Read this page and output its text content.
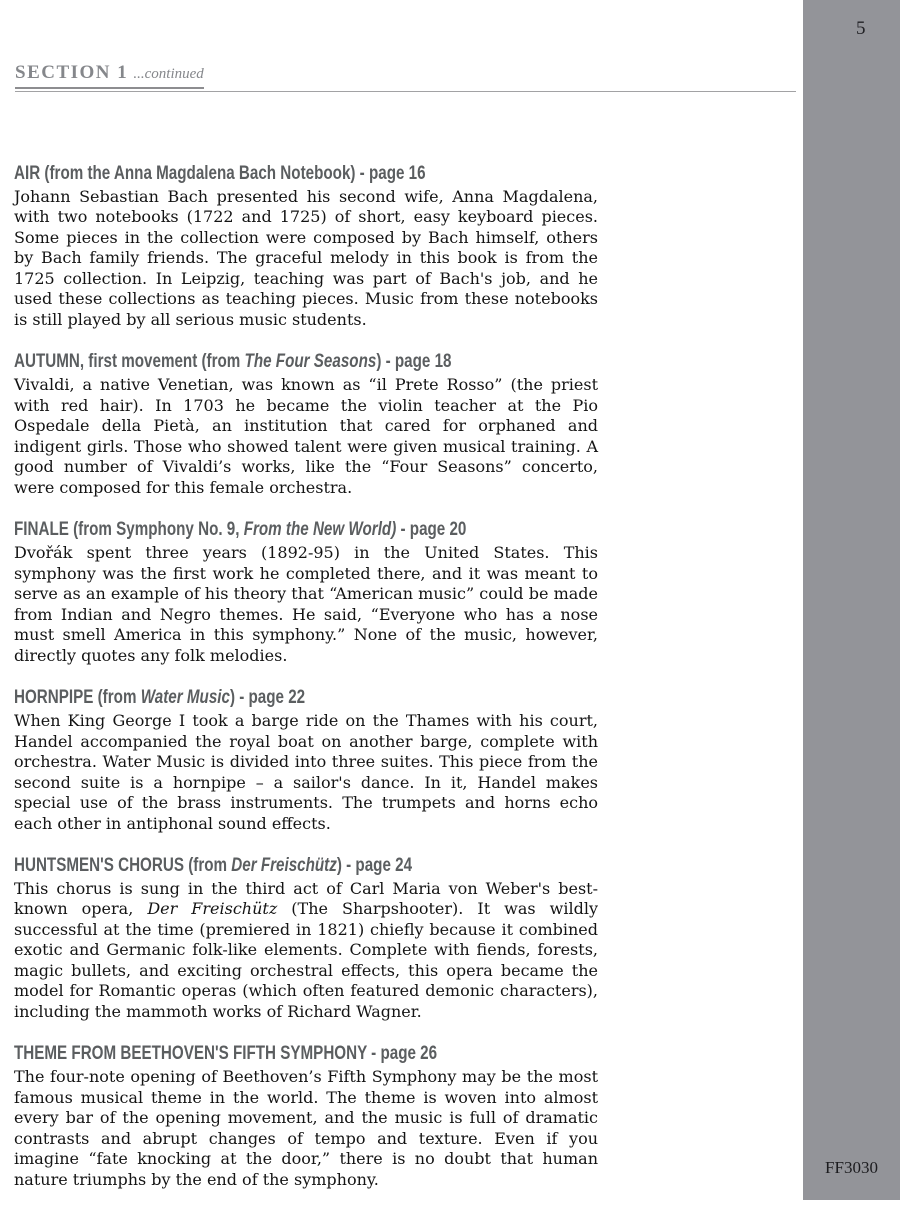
5
FF3030
SECTION 1 ...continued
AIR (from the Anna Magdalena Bach Notebook) - page 16

Johann Sebastian Bach presented his second wife, Anna Magdalena, with two notebooks (1722 and 1725) of short, easy keyboard pieces. Some pieces in the collection were composed by Bach himself, others by Bach family friends. The graceful melody in this book is from the 1725 collection. In Leipzig, teaching was part of Bach's job, and he used these collections as teaching pieces. Music from these notebooks is still played by all serious music students.

AUTUMN, first movement (from The Four Seasons) - page 18

Vivaldi, a native Venetian, was known as “il Prete Rosso” (the priest with red hair). In 1703 he became the violin teacher at the Pio Ospedale della Pietà, an institution that cared for orphaned and indigent girls. Those who showed talent were given musical training. A good number of Vivaldi’s works, like the “Four Seasons” concerto, were composed for this female orchestra.

FINALE (from Symphony No. 9, From the New World) - page 20

Dvořák spent three years (1892-95) in the United States. This symphony was the first work he completed there, and it was meant to serve as an example of his theory that “American music” could be made from Indian and Negro themes. He said, “Everyone who has a nose must smell America in this symphony.” None of the music, however, directly quotes any folk melodies.

HORNPIPE (from Water Music) - page 22

When King George I took a barge ride on the Thames with his court, Handel accompanied the royal boat on another barge, complete with orchestra. Water Music is divided into three suites. This piece from the second suite is a hornpipe – a sailor's dance. In it, Handel makes special use of the brass instruments. The trumpets and horns echo each other in antiphonal sound effects.

HUNTSMEN'S CHORUS (from Der Freischütz) - page 24

This chorus is sung in the third act of Carl Maria von Weber's best-known opera, Der Freischütz (The Sharpshooter). It was wildly successful at the time (premiered in 1821) chiefly because it combined exotic and Germanic folk-like elements. Complete with fiends, forests, magic bullets, and exciting orchestral effects, this opera became the model for Romantic operas (which often featured demonic characters), including the mammoth works of Richard Wagner.

THEME FROM BEETHOVEN'S FIFTH SYMPHONY - page 26

The four-note opening of Beethoven’s Fifth Symphony may be the most famous musical theme in the world. The theme is woven into almost every bar of the opening movement, and the music is full of dramatic contrasts and abrupt changes of tempo and texture. Even if you imagine “fate knocking at the door,” there is no doubt that human nature triumphs by the end of the symphony.
